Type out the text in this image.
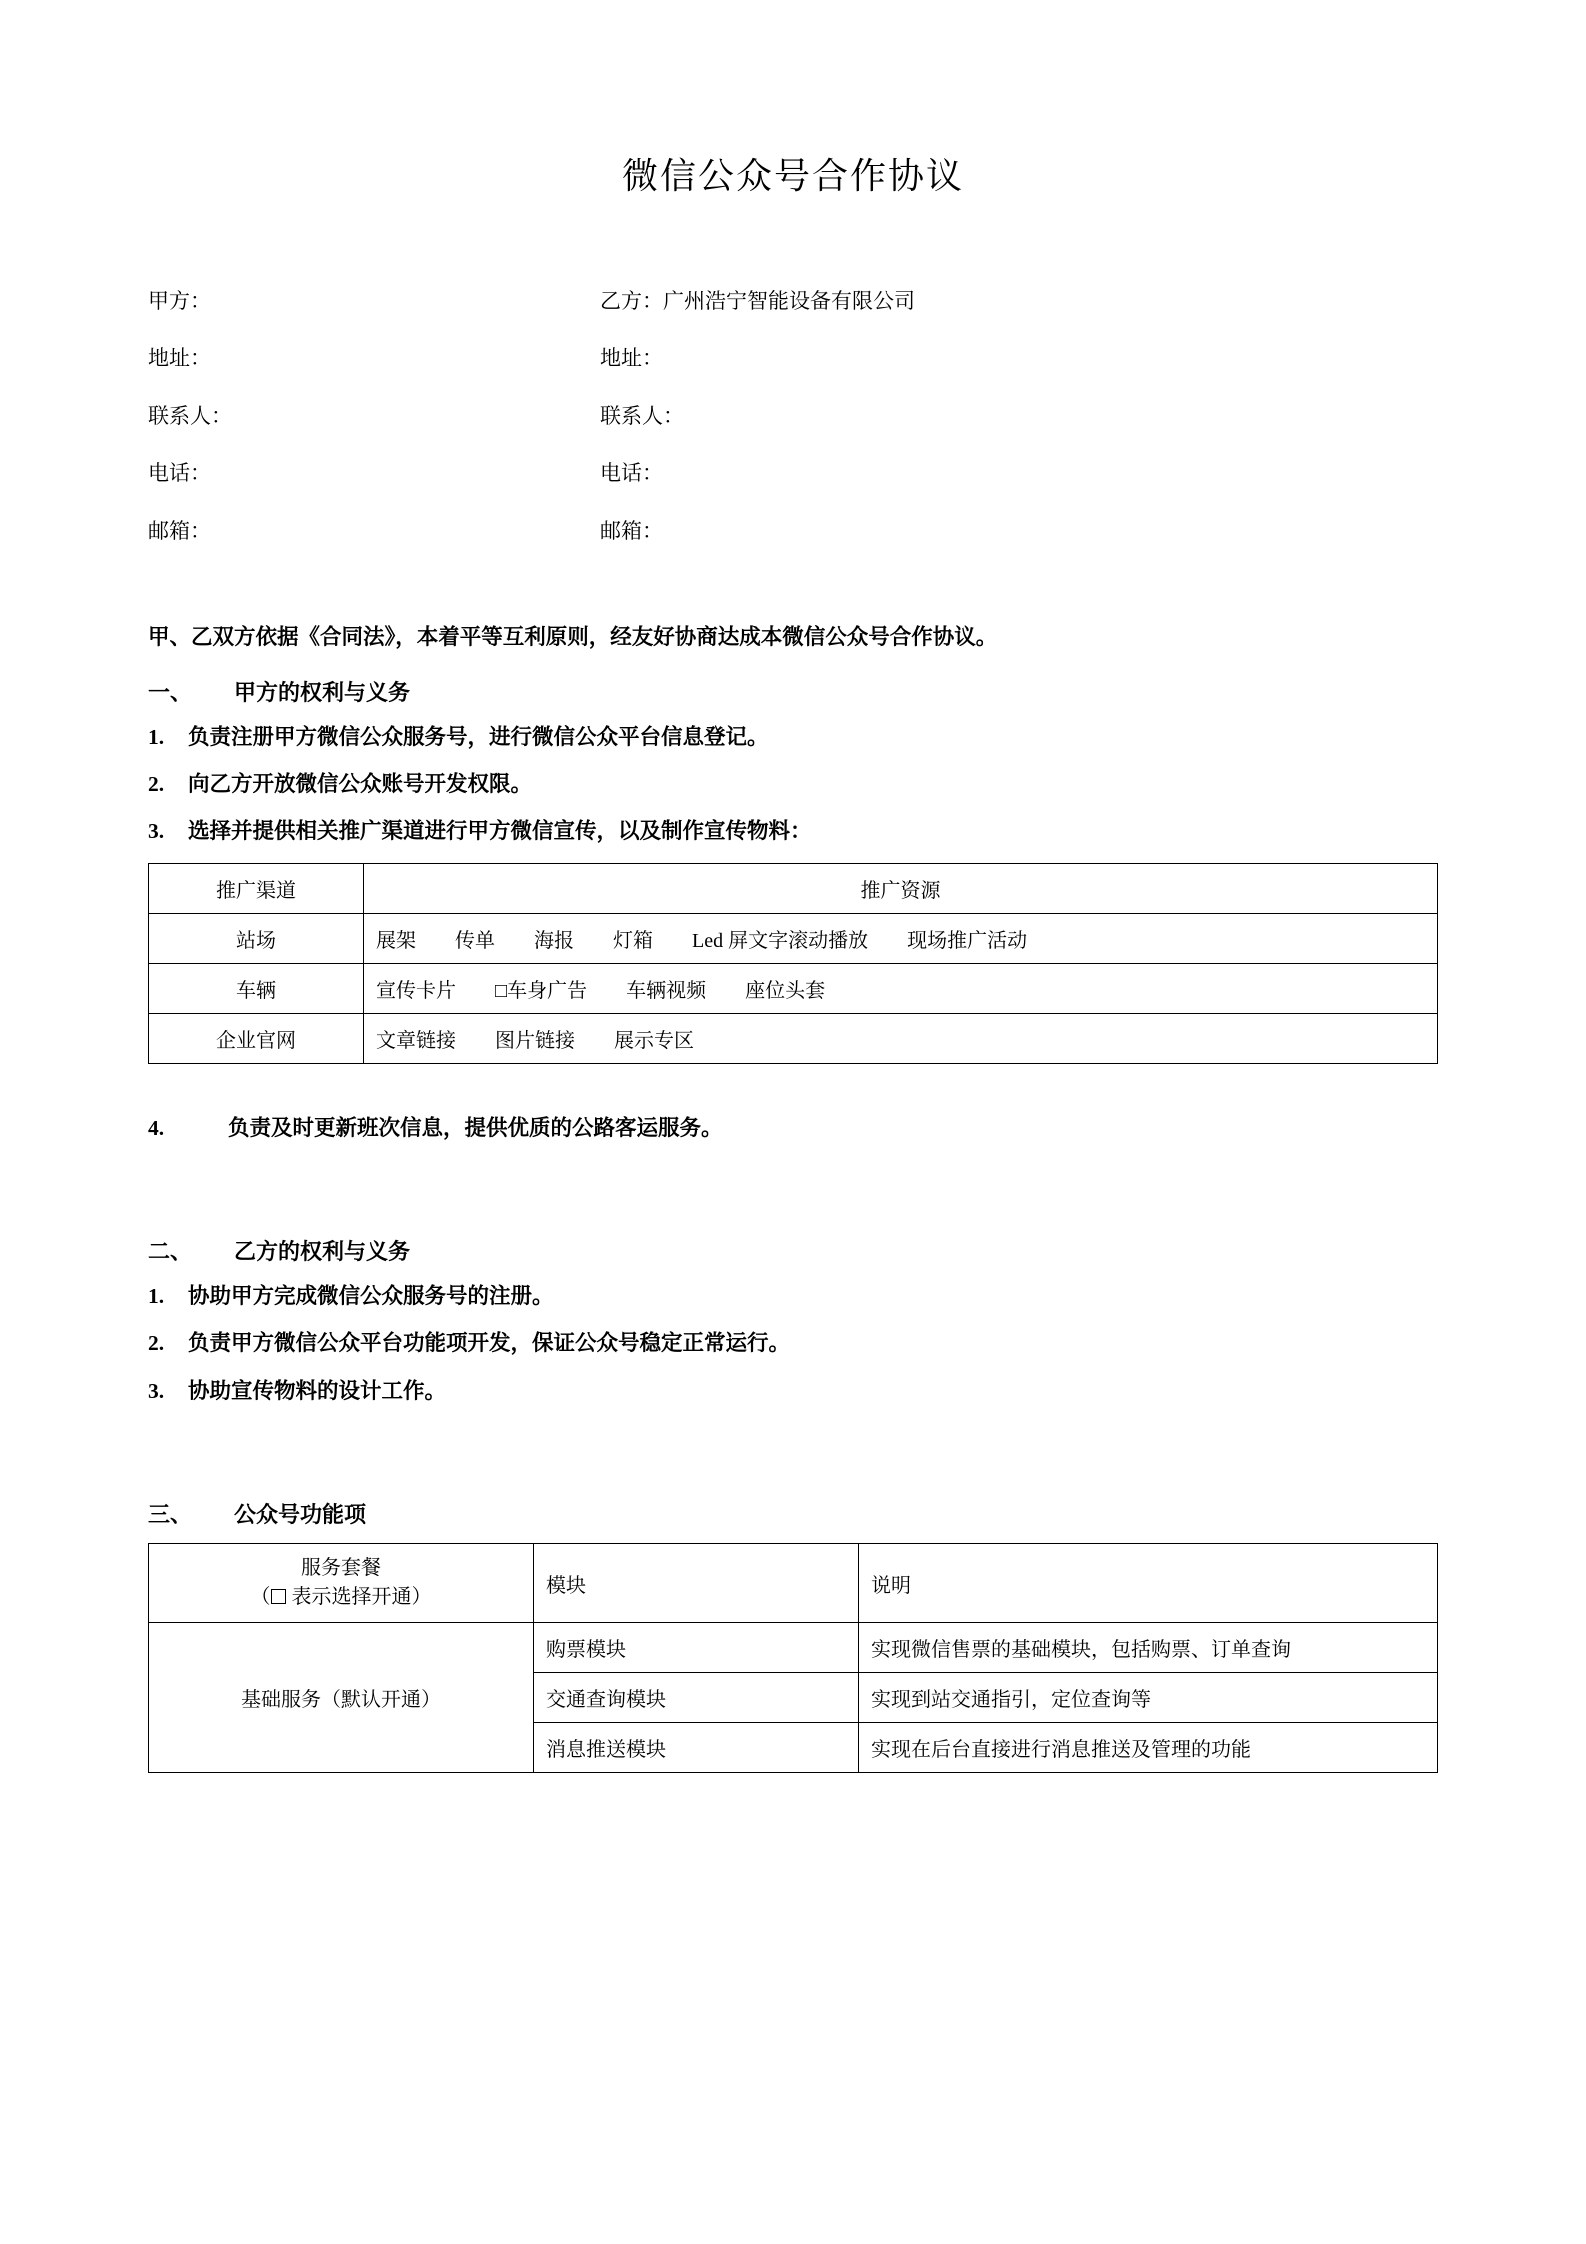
微信公众号合作协议
甲方：	乙方：广州浩宁智能设备有限公司
地址：	地址：
联系人：	联系人：
电话：	电话：
邮箱：	邮箱：

甲、乙双方依据《合同法》，本着平等互利原则，经友好协商达成本微信公众号合作协议。

一、 甲方的权利与义务
1.	负责注册甲方微信公众服务号，进行微信公众平台信息登记。
2.	向乙方开放微信公众账号开发权限。
3.	选择并提供相关推广渠道进行甲方微信宣传，以及制作宣传物料：
推广渠道	推广资源
站场	展架 传单 海报 灯箱 Led 屏文字滚动播放 现场推广活动
车辆	宣传卡片 □车身广告 车辆视频 座位头套
企业官网	文章链接 图片链接 展示专区
4.	负责及时更新班次信息，提供优质的公路客运服务。
二、 乙方的权利与义务
1.	协助甲方完成微信公众服务号的注册。
2.	负责甲方微信公众平台功能项开发，保证公众号稳定正常运行。
3.	协助宣传物料的设计工作。
三、 公众号功能项
服务套餐
（ 表示选择开通）	模块	说明
基础服务（默认开通）	购票模块	实现微信售票的基础模块，包括购票、订单查询
	交通查询模块	实现到站交通指引，定位查询等
	消息推送模块	实现在后台直接进行消息推送及管理的功能
